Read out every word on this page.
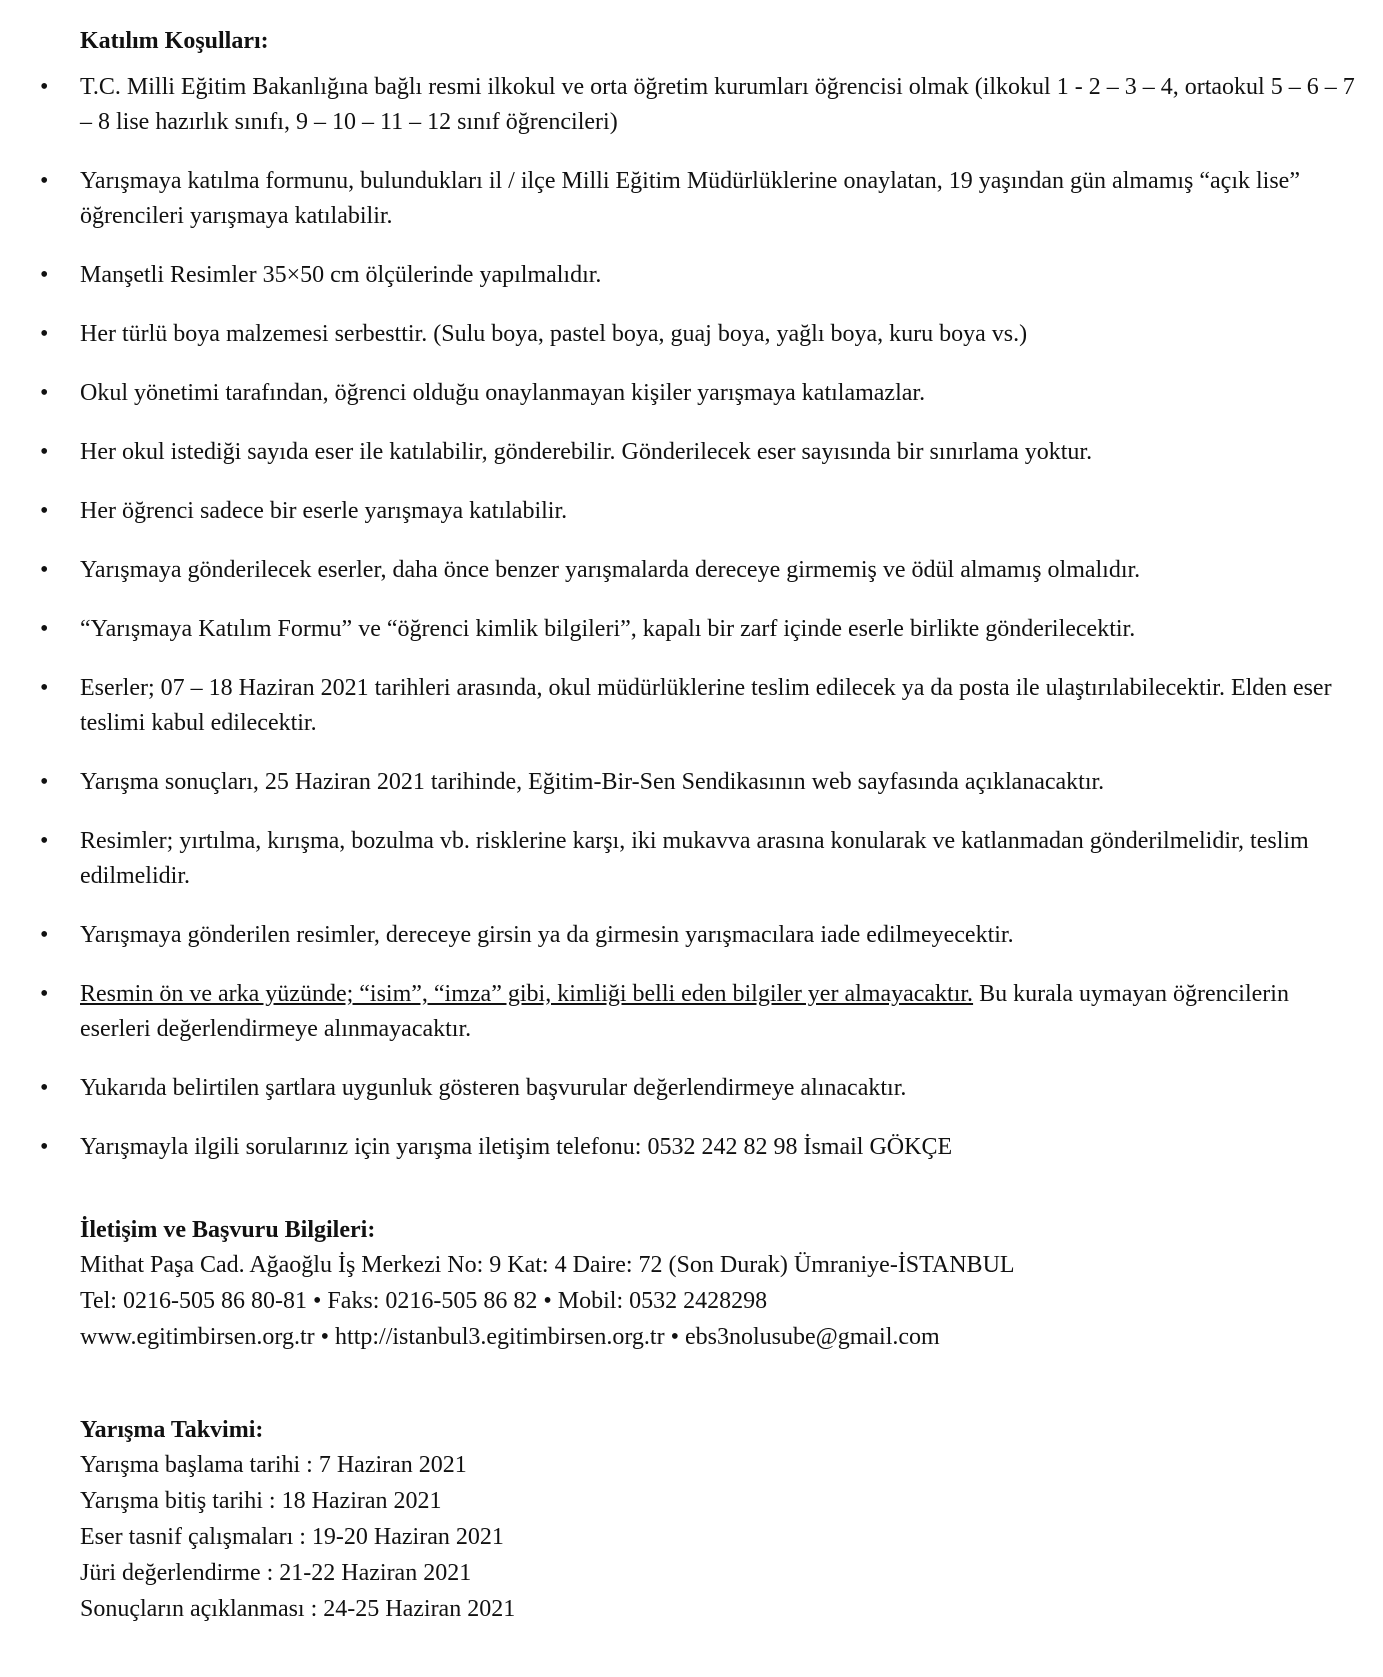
Katılım Koşulları:
•	T.C. Milli Eğitim Bakanlığına bağlı resmi ilkokul ve orta öğretim kurumları öğrencisi olmak (ilkokul 1 - 2 – 3 – 4, ortaokul 5 – 6 – 7 – 8 lise hazırlık sınıfı, 9 – 10 – 11 – 12 sınıf öğrencileri)
•	Yarışmaya katılma formunu, bulundukları il / ilçe Milli Eğitim Müdürlüklerine onaylatan, 19 yaşından gün almamış “açık lise” öğrencileri yarışmaya katılabilir.
•	Manşetli Resimler 35×50 cm ölçülerinde yapılmalıdır.
•	Her türlü boya malzemesi serbesttir. (Sulu boya, pastel boya, guaj boya, yağlı boya, kuru boya vs.)
•	Okul yönetimi tarafından, öğrenci olduğu onaylanmayan kişiler yarışmaya katılamazlar.
•	Her okul istediği sayıda eser ile katılabilir, gönderebilir. Gönderilecek eser sayısında bir sınırlama yoktur.
•	Her öğrenci sadece bir eserle yarışmaya katılabilir.
•	Yarışmaya gönderilecek eserler, daha önce benzer yarışmalarda dereceye girmemiş ve ödül almamış olmalıdır.
•	“Yarışmaya Katılım Formu” ve “öğrenci kimlik bilgileri”, kapalı bir zarf içinde eserle birlikte gönderilecektir.
•	Eserler; 07 – 18 Haziran 2021 tarihleri arasında, okul müdürlüklerine teslim edilecek ya da posta ile ulaştırılabilecektir. Elden eser teslimi kabul edilecektir.
•	Yarışma sonuçları, 25 Haziran 2021 tarihinde, Eğitim-Bir-Sen Sendikasının web sayfasında açıklanacaktır.
•	Resimler; yırtılma, kırışma, bozulma vb. risklerine karşı, iki mukavva arasına konularak ve katlanmadan gönderilmelidir, teslim edilmelidir.
•	Yarışmaya gönderilen resimler, dereceye girsin ya da girmesin yarışmacılara iade edilmeyecektir.
•	Resmin ön ve arka yüzünde; “isim”, “imza” gibi, kimliği belli eden bilgiler yer almayacaktır. Bu kurala uymayan öğrencilerin eserleri değerlendirmeye alınmayacaktır.
•	Yukarıda belirtilen şartlara uygunluk gösteren başvurular değerlendirmeye alınacaktır.
•	Yarışmayla ilgili sorularınız için yarışma iletişim telefonu: 0532 242 82 98 İsmail GÖKÇE
İletişim ve Başvuru Bilgileri:

Mithat Paşa Cad. Ağaoğlu İş Merkezi No: 9 Kat: 4 Daire: 72 (Son Durak) Ümraniye-İSTANBUL

Tel: 0216-505 86 80-81 • Faks: 0216-505 86 82 • Mobil: 0532 2428298

www.egitimbirsen.org.tr • http://istanbul3.egitimbirsen.org.tr • ebs3nolusube@gmail.com

Yarışma Takvimi:

Yarışma başlama tarihi : 7 Haziran 2021

Yarışma bitiş tarihi : 18 Haziran 2021

Eser tasnif çalışmaları : 19-20 Haziran 2021

Jüri değerlendirme : 21-22 Haziran 2021

Sonuçların açıklanması : 24-25 Haziran 2021
